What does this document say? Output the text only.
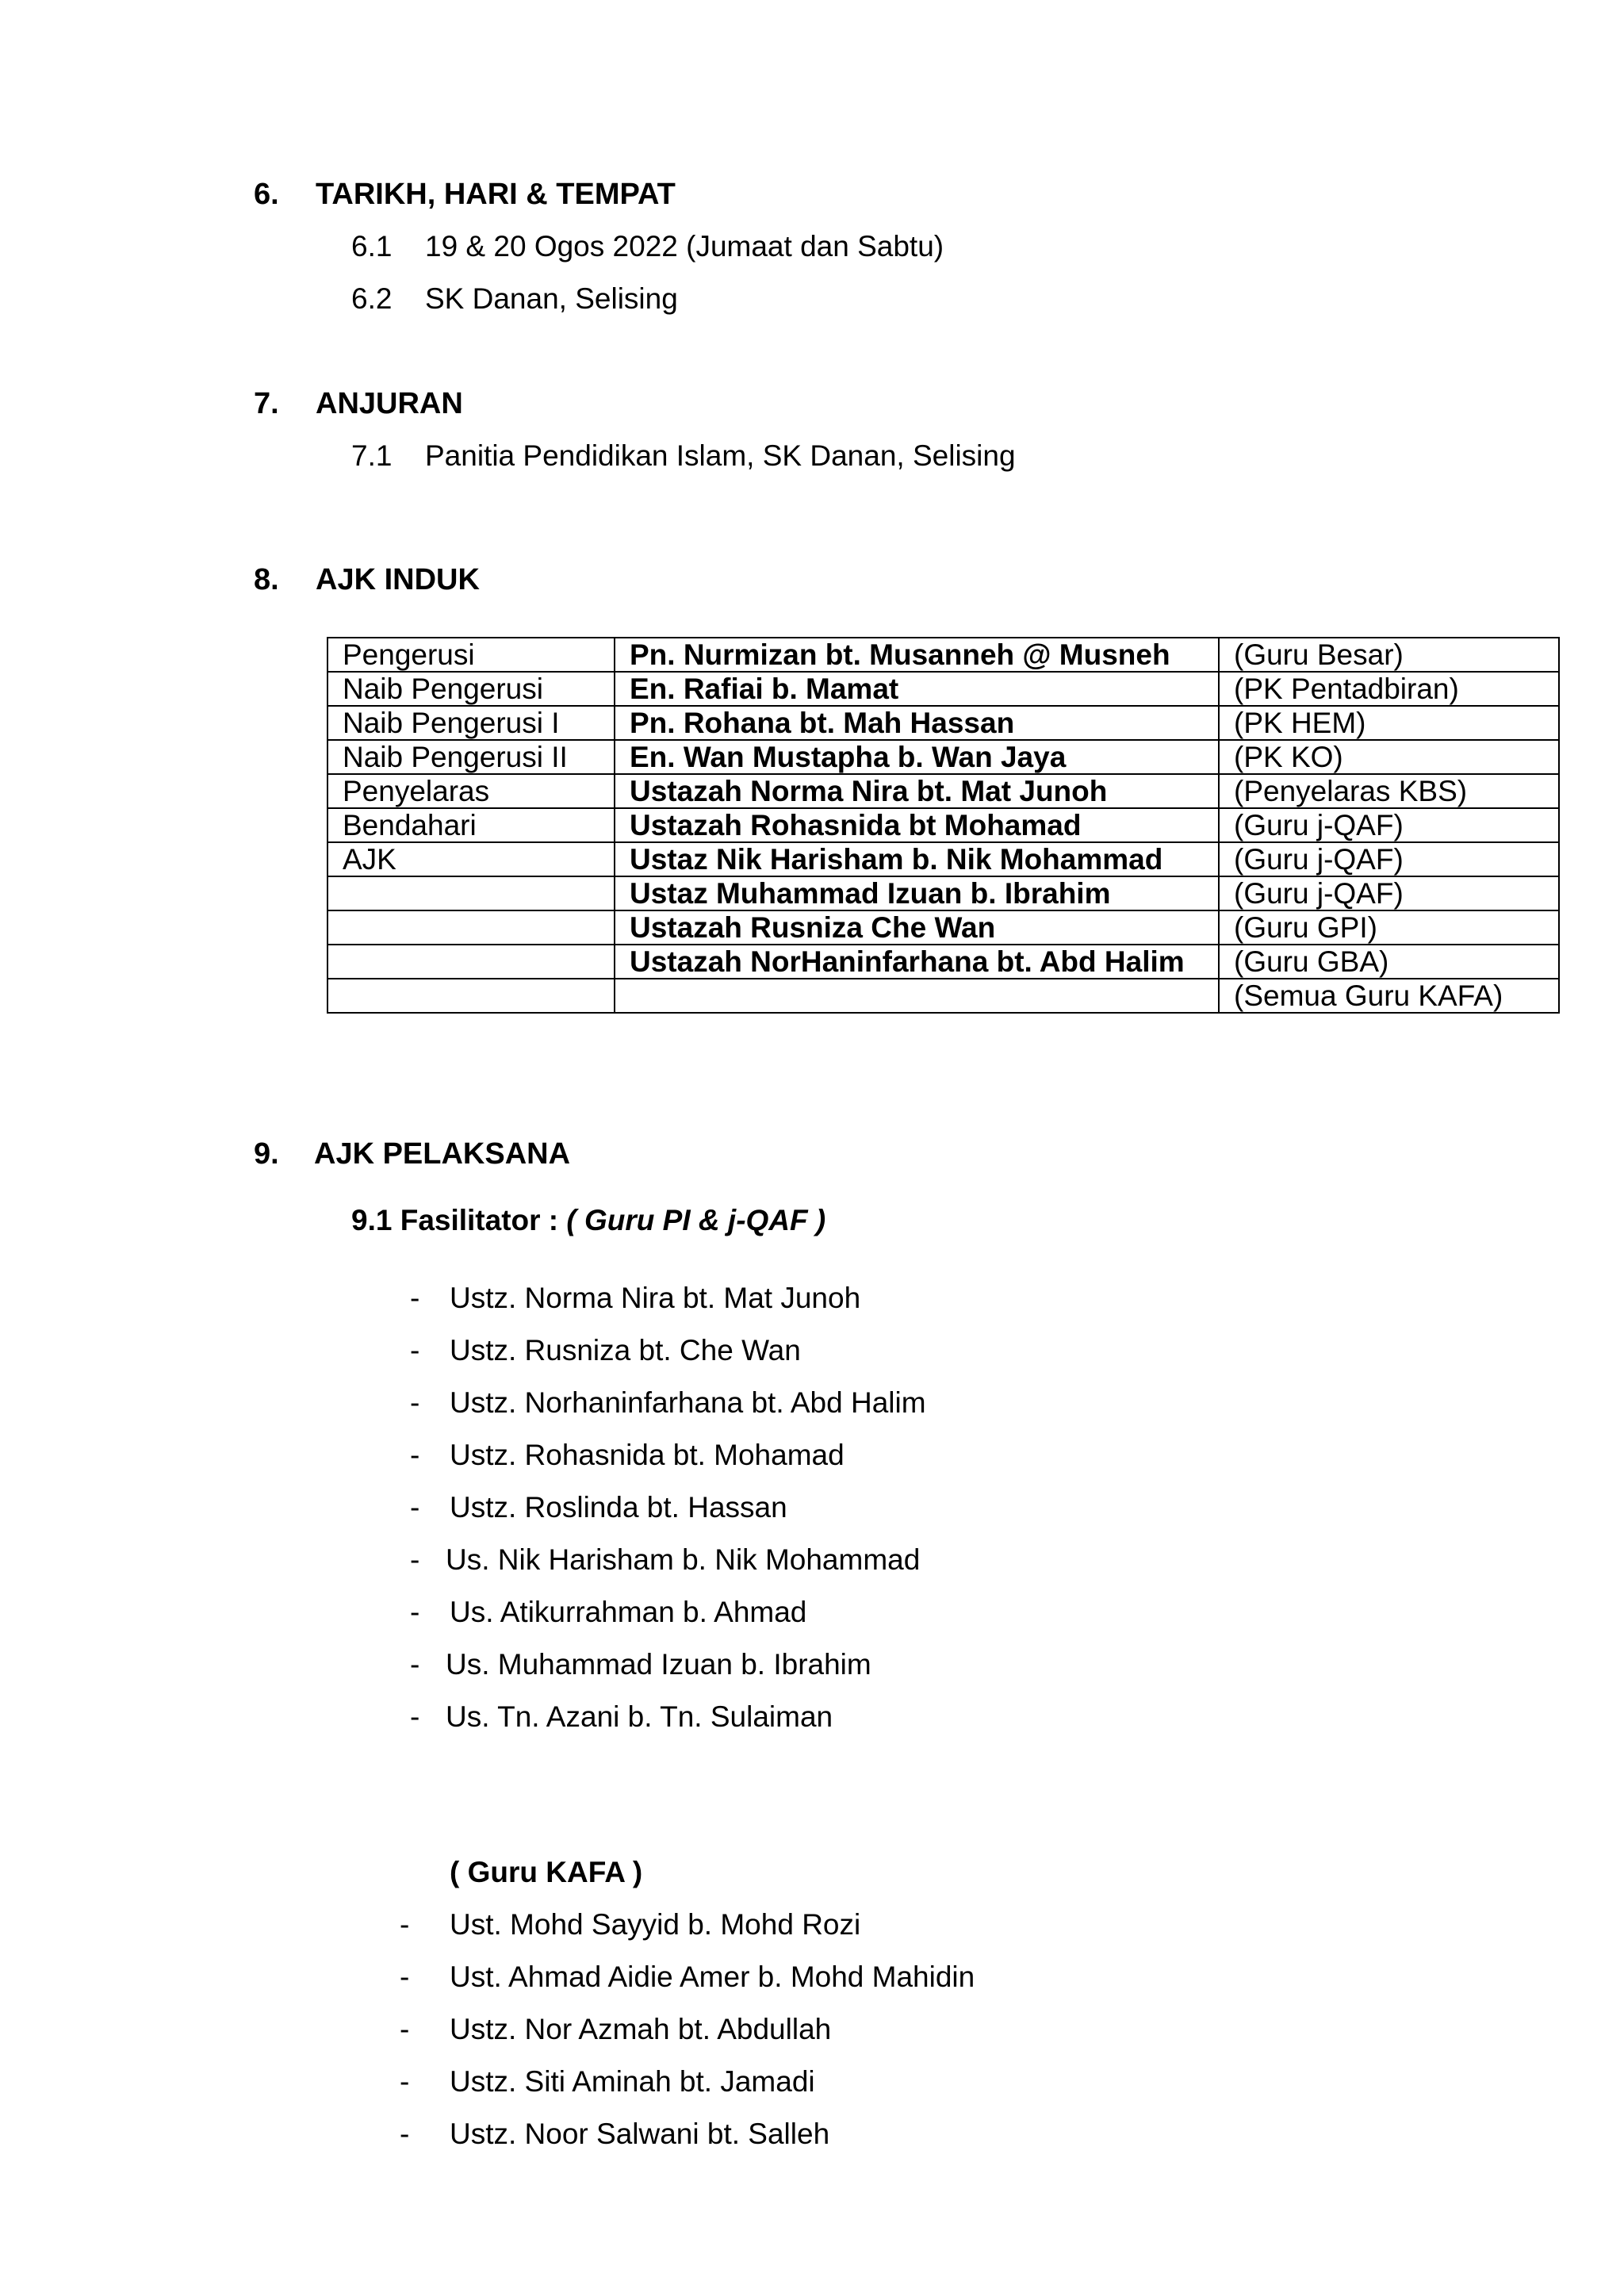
6. TARIKH, HARI & TEMPAT
6.1 19 & 20 Ogos 2022 (Jumaat dan Sabtu)
6.2 SK Danan, Selising
7. ANJURAN
7.1 Panitia Pendidikan Islam, SK Danan, Selising
8. AJK INDUK
Pengerusi	Pn. Nurmizan bt. Musanneh @ Musneh	(Guru Besar)
Naib Pengerusi	En. Rafiai b. Mamat	(PK Pentadbiran)
Naib Pengerusi I	Pn. Rohana bt. Mah Hassan	(PK HEM)
Naib Pengerusi II	En. Wan Mustapha b. Wan Jaya	(PK KO)
Penyelaras	Ustazah Norma Nira bt. Mat Junoh	(Penyelaras KBS)
Bendahari	Ustazah Rohasnida bt Mohamad	(Guru j-QAF)
AJK	Ustaz Nik Harisham b. Nik Mohammad	(Guru j-QAF)
	Ustaz Muhammad Izuan b. Ibrahim	(Guru j-QAF)
	Ustazah Rusniza Che Wan	(Guru GPI)
	Ustazah NorHaninfarhana bt. Abd Halim	(Guru GBA)
		(Semua Guru KAFA)
9. AJK PELAKSANA
9.1 Fasilitator : ( Guru PI & j-QAF )
- Ustz. Norma Nira bt. Mat Junoh
- Ustz. Rusniza bt. Che Wan
- Ustz. Norhaninfarhana bt. Abd Halim
- Ustz. Rohasnida bt. Mohamad
- Ustz. Roslinda bt. Hassan
- Us. Nik Harisham b. Nik Mohammad
- Us. Atikurrahman b. Ahmad
- Us. Muhammad Izuan b. Ibrahim
- Us. Tn. Azani b. Tn. Sulaiman
( Guru KAFA )
- Ust. Mohd Sayyid b. Mohd Rozi
- Ust. Ahmad Aidie Amer b. Mohd Mahidin
- Ustz. Nor Azmah bt. Abdullah
- Ustz. Siti Aminah bt. Jamadi
- Ustz. Noor Salwani bt. Salleh
